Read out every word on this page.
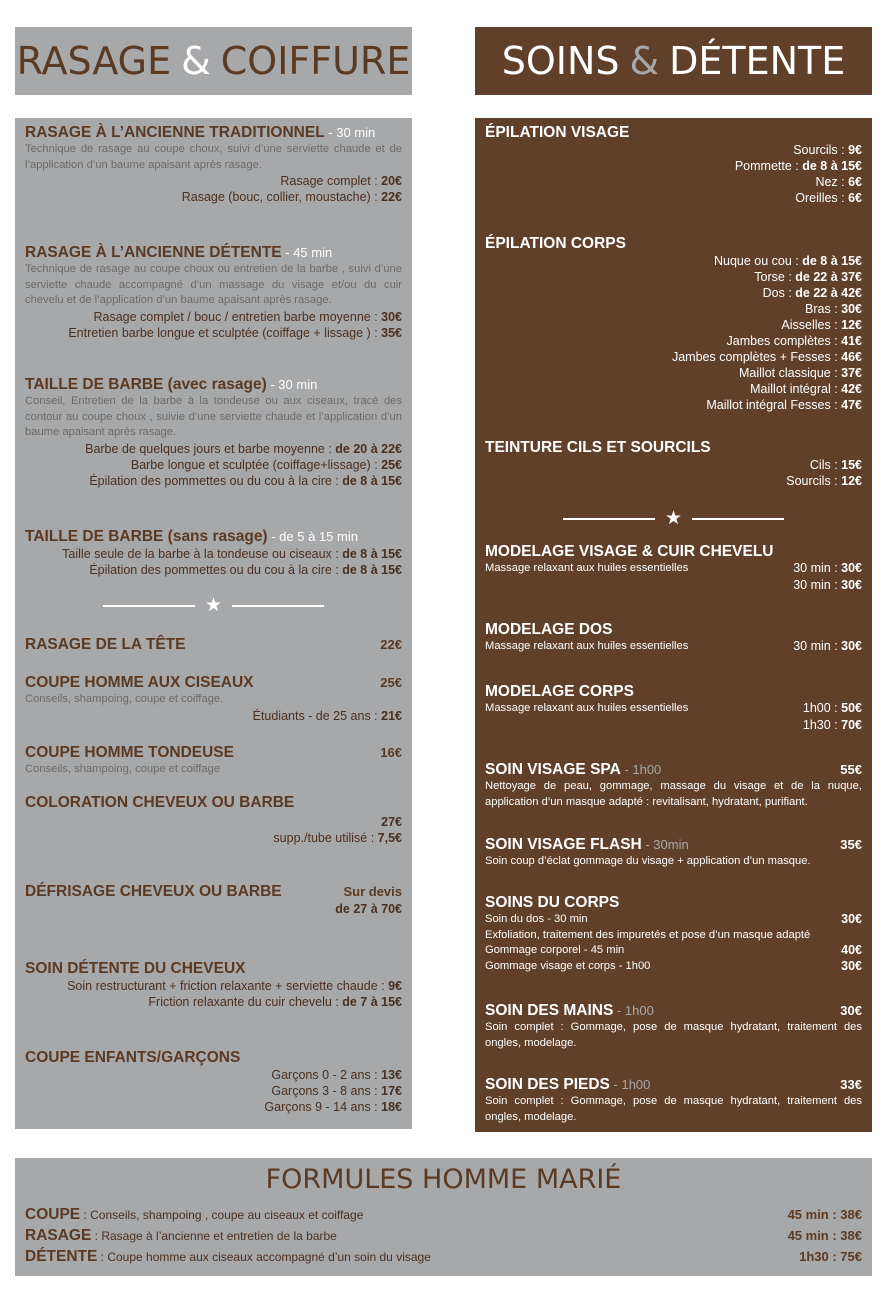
RASAGE & COIFFURE SOINS & DÉTENTE
RASAGE À L’ANCIENNE TRADITIONNEL - 30 min
Technique de rasage au coupe choux, suivi d’une serviette chaude et de l’application d’un baume apaisant après rasage.
Rasage complet : 20€
Rasage (bouc, collier, moustache) : 22€
RASAGE À L’ANCIENNE DÉTENTE - 45 min
Technique de rasage au coupe choux ou entretien de la barbe , suivi d’une serviette chaude accompagné d’un massage du visage et/ou du cuir chevelu et de l’application d’un baume apaisant après rasage.
Rasage complet / bouc / entretien barbe moyenne : 30€
Entretien barbe longue et sculptée (coiffage + lissage ) : 35€
TAILLE DE BARBE (avec rasage) - 30 min
Conseil, Entretien de la barbe à la tondeuse ou aux ciseaux, tracé des contour au coupe choux , suivie d’une serviette chaude et l’application d’un baume apaisant après rasage.
Barbe de quelques jours et barbe moyenne : de 20 à 22€
Barbe longue et sculptée (coiffage+lissage) : 25€
Épilation des pommettes ou du cou à la cire : de 8 à 15€
TAILLE DE BARBE (sans rasage) - de 5 à 15 min
Taille seule de la barbe à la tondeuse ou ciseaux : de 8 à 15€
Épilation des pommettes ou du cou à la cire : de 8 à 15€
★
RASAGE DE LA TÊTE	22€
COUPE HOMME AUX CISEAUX	25€
Conseils, shampoing, coupe et coiffage.
Étudiants - de 25 ans : 21€
COUPE HOMME TONDEUSE	16€
Conseils, shampoing, coupe et coiffage
COLORATION CHEVEUX OU BARBE
27€
supp./tube utilisé : 7,5€
DÉFRISAGE CHEVEUX OU BARBE	Sur devis
de 27 à 70€
SOIN DÉTENTE DU CHEVEUX
Soin restructurant + friction relaxante + serviette chaude : 9€
Friction relaxante du cuir chevelu : de 7 à 15€
COUPE ENFANTS/GARÇONS
Garçons 0 - 2 ans : 13€
Garçons 3 - 8 ans : 17€
Garçons 9 - 14 ans : 18€
ÉPILATION VISAGE
Sourcils : 9€
Pommette : de 8 à 15€
Nez : 6€
Oreilles : 6€
ÉPILATION CORPS
Nuque ou cou : de 8 à 15€
Torse : de 22 à 37€
Dos : de 22 à 42€
Bras : 30€
Aisselles : 12€
Jambes complètes : 41€
Jambes complètes + Fesses : 46€
Maillot classique : 37€
Maillot intégral : 42€
Maillot intégral Fesses : 47€
TEINTURE CILS ET SOURCILS
Cils : 15€
Sourcils : 12€
★
MODELAGE VISAGE & CUIR CHEVELU
Massage relaxant aux huiles essentielles	30 min : 30€
30 min : 30€
MODELAGE DOS
Massage relaxant aux huiles essentielles	30 min : 30€
MODELAGE CORPS
Massage relaxant aux huiles essentielles	1h00 : 50€
1h30 : 70€
SOIN VISAGE SPA - 1h00	55€
Nettoyage de peau, gommage, massage du visage et de la nuque, application d’un masque adapté : revitalisant, hydratant, purifiant.
SOIN VISAGE FLASH - 30min	35€
Soin coup d’éclat gommage du visage + application d’un masque.
SOINS DU CORPS
Soin du dos - 30 min	30€
Exfoliation, traitement des impuretés et pose d’un masque adapté
Gommage corporel - 45 min	40€
Gommage visage et corps - 1h00	30€
SOIN DES MAINS - 1h00	30€
Soin complet : Gommage, pose de masque hydratant, traitement des ongles, modelage.
SOIN DES PIEDS - 1h00	33€
Soin complet : Gommage, pose de masque hydratant, traitement des ongles, modelage.
FORMULES HOMME MARIÉ
COUPE : Conseils, shampoing , coupe au ciseaux et coiffage	45 min : 38€
RASAGE : Rasage à l’ancienne et entretien de la barbe	45 min : 38€
DÉTENTE : Coupe homme aux ciseaux accompagné d’un soin du visage	1h30 : 75€
